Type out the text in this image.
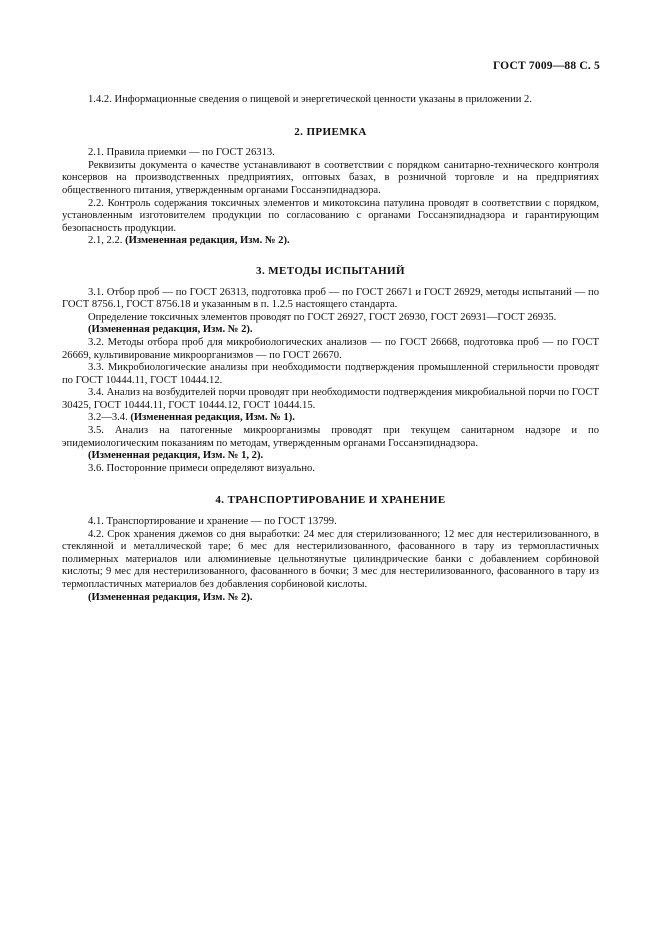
ГОСТ 7009—88 С. 5

1.4.2. Информационные сведения о пищевой и энергетической ценности указаны в приложении 2.

2. ПРИЕМКА

2.1. Правила приемки — по ГОСТ 26313.

Реквизиты документа о качестве устанавливают в соответствии с порядком санитарно-технического контроля консервов на производственных предприятиях, оптовых базах, в розничной торговле и на предприятиях общественного питания, утвержденным органами Госсанэпиднадзора.

2.2. Контроль содержания токсичных элементов и микотоксина патулина проводят в соответствии с порядком, установленным изготовителем продукции по согласованию с органами Госсанэпиднадзора и гарантирующим безопасность продукции.

2.1, 2.2. (Измененная редакция, Изм. № 2).

3. МЕТОДЫ ИСПЫТАНИЙ

3.1. Отбор проб — по ГОСТ 26313, подготовка проб — по ГОСТ 26671 и ГОСТ 26929, методы испытаний — по ГОСТ 8756.1, ГОСТ 8756.18 и указанным в п. 1.2.5 настоящего стандарта.

Определение токсичных элементов проводят по ГОСТ 26927, ГОСТ 26930, ГОСТ 26931—ГОСТ 26935.

(Измененная редакция, Изм. № 2).

3.2. Методы отбора проб для микробиологических анализов — по ГОСТ 26668, подготовка проб — по ГОСТ 26669, культивирование микроорганизмов — по ГОСТ 26670.

3.3. Микробиологические анализы при необходимости подтверждения промышленной стерильности проводят по ГОСТ 10444.11, ГОСТ 10444.12.

3.4. Анализ на возбудителей порчи проводят при необходимости подтверждения микробиальной порчи по ГОСТ 30425, ГОСТ 10444.11, ГОСТ 10444.12, ГОСТ 10444.15.

3.2—3.4. (Измененная редакция, Изм. № 1).

3.5. Анализ на патогенные микроорганизмы проводят при текущем санитарном надзоре и по эпидемиологическим показаниям по методам, утвержденным органами Госсанэпиднадзора.

(Измененная редакция, Изм. № 1, 2).

3.6. Посторонние примеси определяют визуально.

4. ТРАНСПОРТИРОВАНИЕ И ХРАНЕНИЕ

4.1. Транспортирование и хранение — по ГОСТ 13799.

4.2. Срок хранения джемов со дня выработки: 24 мес для стерилизованного; 12 мес для нестерилизованного, в стеклянной и металлической таре; 6 мес для нестерилизованного, фасованного в тару из термопластичных полимерных материалов или алюминиевые цельнотянутые цилиндрические банки с добавлением сорбиновой кислоты; 9 мес для нестерилизованного, фасованного в бочки; 3 мес для нестерилизованного, фасованного в тару из термопластичных материалов без добавления сорбиновой кислоты.

(Измененная редакция, Изм. № 2).
